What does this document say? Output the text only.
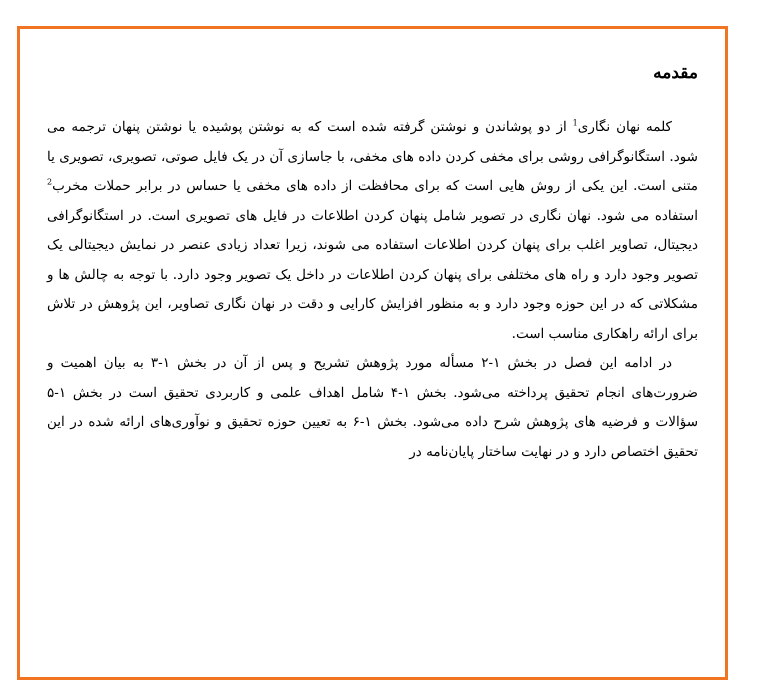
مقدمه

کلمه نهان نگاری$^1$ از دو پوشاندن و نوشتن گرفته شده است که به نوشتن پوشیده یا نوشتن پنهان ترجمه می شود. استگانوگرافی روشی برای مخفی کردن داده های مخفی، با جاسازی آن در یک فایل صوتی، تصویری، تصویری یا متنی است. این یکی از روش هایی است که برای محافظت از داده های مخفی یا حساس در برابر حملات مخرب$^2$ استفاده می شود. نهان نگاری در تصویر شامل پنهان کردن اطلاعات در فایل های تصویری است. در استگانوگرافی دیجیتال، تصاویر اغلب برای پنهان کردن اطلاعات استفاده می شوند، زیرا تعداد زیادی عنصر در نمایش دیجیتالی یک تصویر وجود دارد و راه های مختلفی برای پنهان کردن اطلاعات در داخل یک تصویر وجود دارد. با توجه به چالش ها و مشکلاتی که در این حوزه وجود دارد و به منظور افزایش کارایی و دقت در نهان نگاری تصاویر، این پژوهش در تلاش برای ارائه راهکاری مناسب است.

در ادامه این فصل در بخش ۱-۲ مسأله مورد پژوهش تشریح و پس از آن در بخش ۱-۳ به بیان اهمیت و ضرورت‌های انجام تحقیق پرداخته می‌شود. بخش ۱-۴ شامل اهداف علمی و کاربردی تحقیق است در بخش ۱-۵ سؤالات و فرضیه های پژوهش شرح داده می‌شود. بخش ۱-۶ به تعیین حوزه تحقیق و نوآوری‌های ارائه شده در این تحقیق اختصاص دارد و در نهایت ساختار پایان‌نامه در
